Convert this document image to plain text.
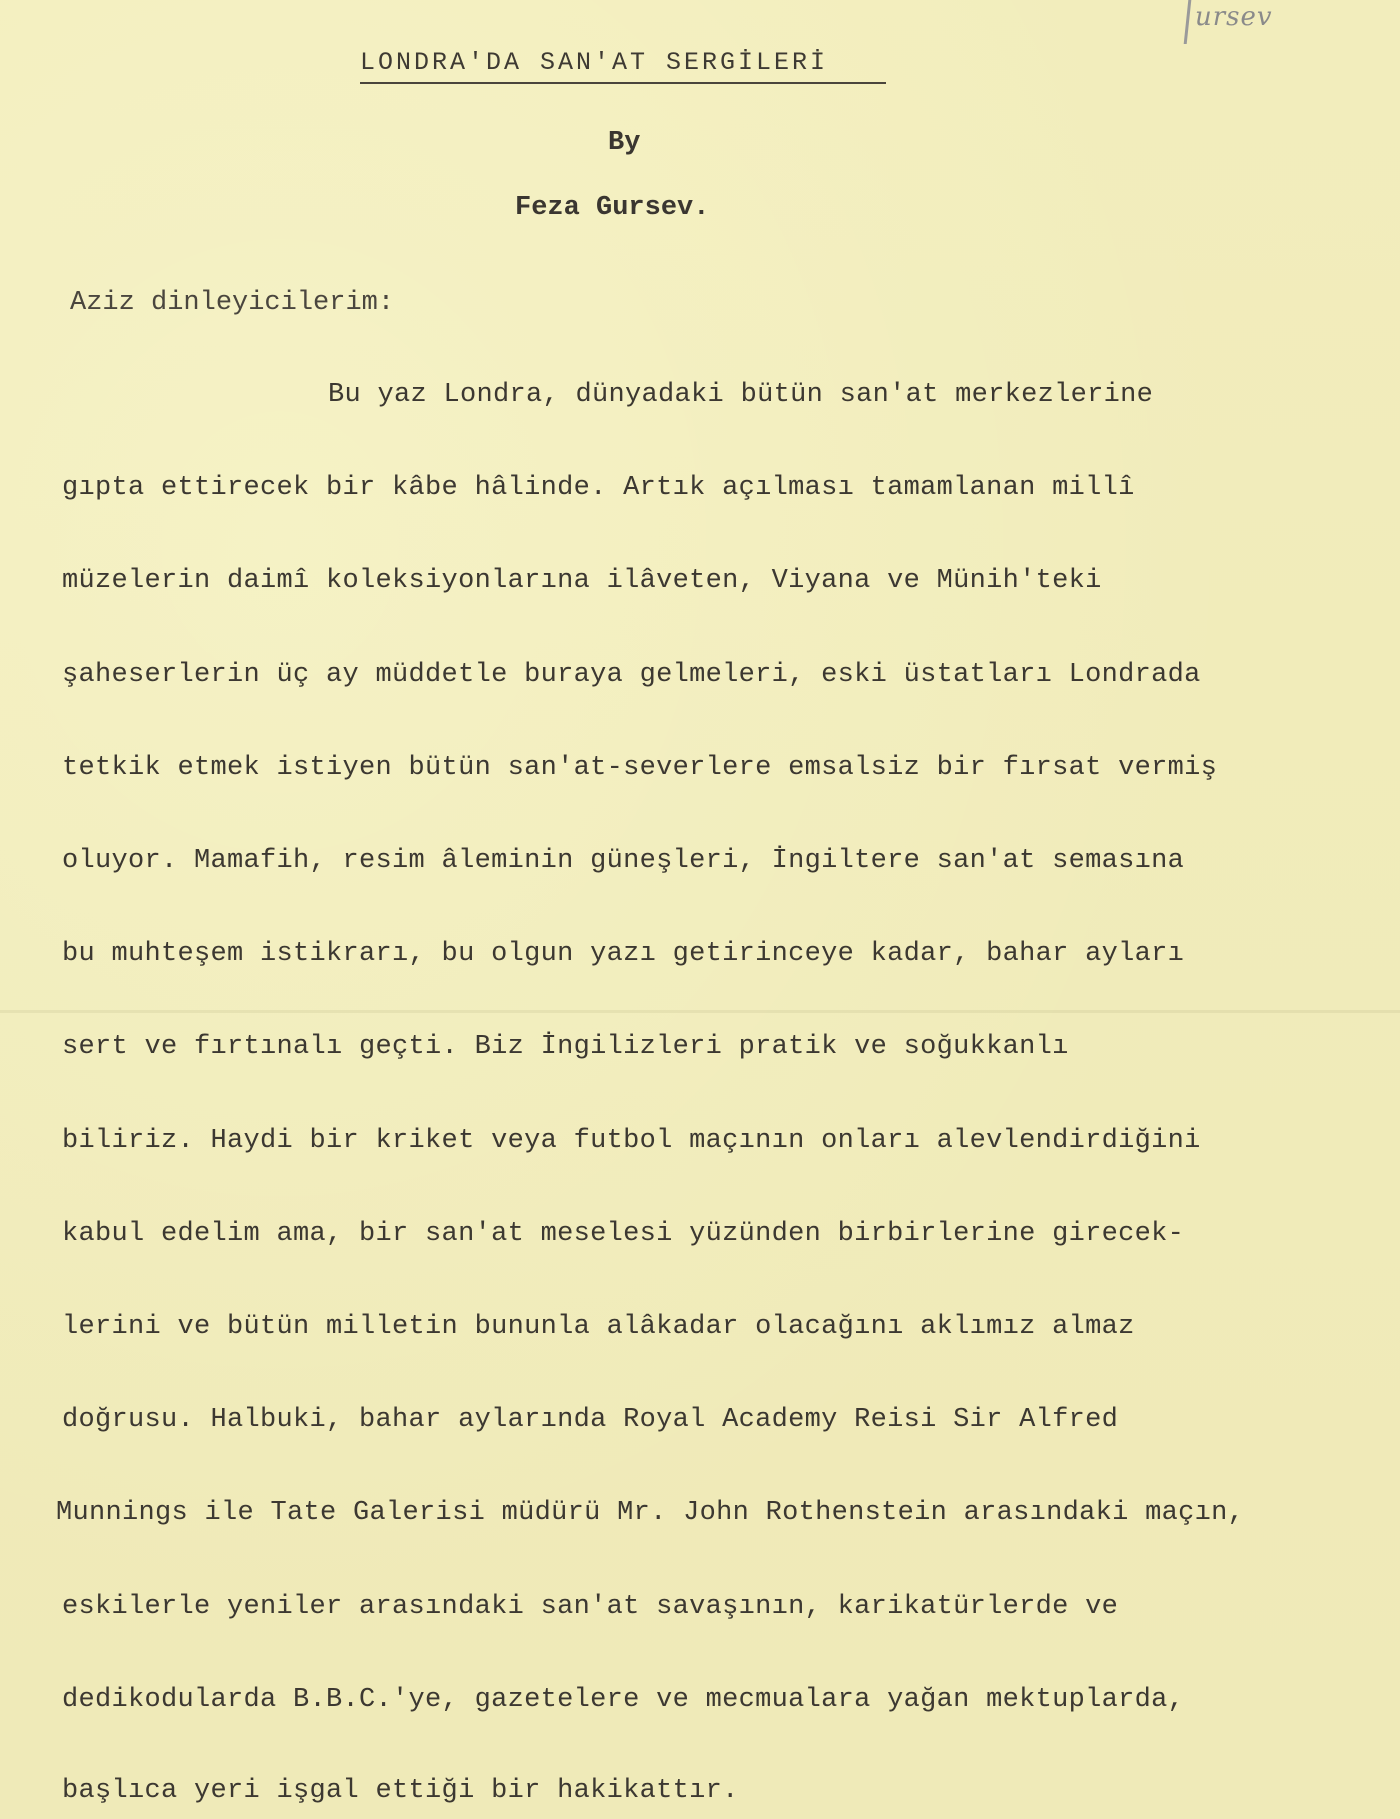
ursev
LONDRA'DA SAN'AT SERGİLERİ
By
Feza Gursev.
Aziz dinleyicilerim:
Bu yaz Londra, dünyadaki bütün san'at merkezlerine
gıpta ettirecek bir kâbe hâlinde. Artık açılması tamamlanan millî
müzelerin daimî koleksiyonlarına ilâveten, Viyana ve Münih'teki
şaheserlerin üç ay müddetle buraya gelmeleri, eski üstatları Londrada
tetkik etmek istiyen bütün san'at-severlere emsalsiz bir fırsat vermiş
oluyor. Mamafih, resim âleminin güneşleri, İngiltere san'at semasına
bu muhteşem istikrarı, bu olgun yazı getirinceye kadar, bahar ayları
sert ve fırtınalı geçti. Biz İngilizleri pratik ve soğukkanlı
biliriz. Haydi bir kriket veya futbol maçının onları alevlendirdiğini
kabul edelim ama, bir san'at meselesi yüzünden birbirlerine girecek-
lerini ve bütün milletin bununla alâkadar olacağını aklımız almaz
doğrusu. Halbuki, bahar aylarında Royal Academy Reisi Sir Alfred
Munnings ile Tate Galerisi müdürü Mr. John Rothenstein arasındaki maçın,
eskilerle yeniler arasındaki san'at savaşının, karikatürlerde ve
dedikodularda B.B.C.'ye, gazetelere ve mecmualara yağan mektuplarda,
başlıca yeri işgal ettiği bir hakikattır.
